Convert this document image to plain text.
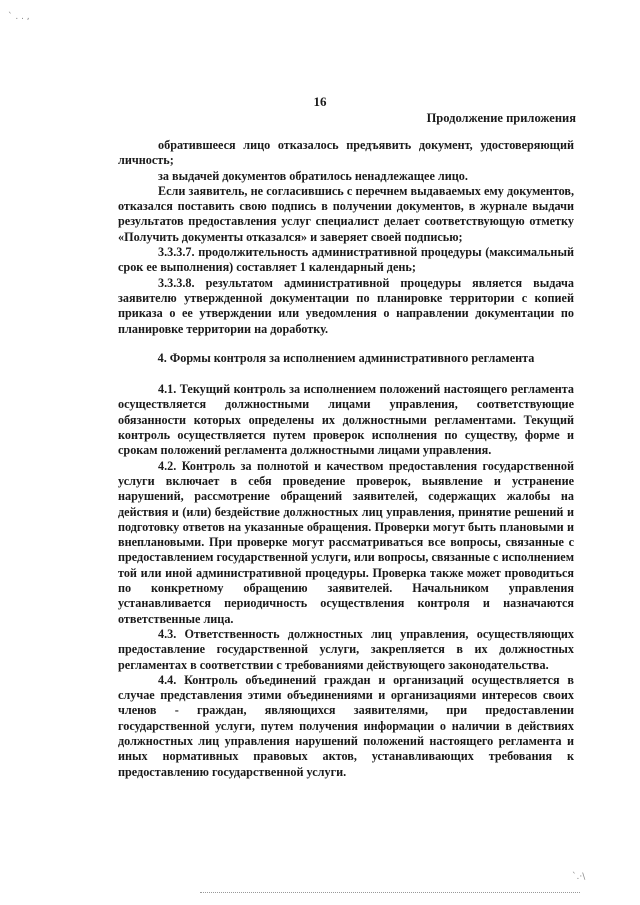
` . . ,
16
Продолжение приложения

обратившееся лицо отказалось предъявить документ, удостоверяющий личность;

за выдачей документов обратилось ненадлежащее лицо.

Если заявитель, не согласившись с перечнем выдаваемых ему документов, отказался поставить свою подпись в получении документов, в журнале выдачи результатов предоставления услуг специалист делает соответствующую отметку «Получить документы отказался» и заверяет своей подписью;

3.3.3.7. продолжительность административной процедуры (максимальный срок ее выполнения) составляет 1 календарный день;

3.3.3.8. результатом административной процедуры является выдача заявителю утвержденной документации по планировке территории с копией приказа о ее утверждении или уведомления о направлении документации по планировке территории на доработку.

4. Формы контроля за исполнением административного регламента

4.1. Текущий контроль за исполнением положений настоящего регламента осуществляется должностными лицами управления, соответствующие обязанности которых определены их должностными регламентами. Текущий контроль осуществляется путем проверок исполнения по существу, форме и срокам положений регламента должностными лицами управления.

4.2. Контроль за полнотой и качеством предоставления государственной услуги включает в себя проведение проверок, выявление и устранение нарушений, рассмотрение обращений заявителей, содержащих жалобы на действия и (или) бездействие должностных лиц управления, принятие решений и подготовку ответов на указанные обращения. Проверки могут быть плановыми и внеплановыми. При проверке могут рассматриваться все вопросы, связанные с предоставлением государственной услуги, или вопросы, связанные с исполнением той или иной административной процедуры. Проверка также может проводиться по конкретному обращению заявителей. Начальником управления устанавливается периодичность осуществления контроля и назначаются ответственные лица.

4.3. Ответственность должностных лиц управления, осуществляющих предоставление государственной услуги, закрепляется в их должностных регламентах в соответствии с требованиями действующего законодательства.

4.4. Контроль объединений граждан и организаций осуществляется в случае представления этими объединениями и организациями интересов своих членов - граждан, являющихся заявителями, при предоставлении государственной услуги, путем получения информации о наличии в действиях должностных лиц управления нарушений положений настоящего регламента и иных нормативных правовых актов, устанавливающих требования к предоставлению государственной услуги.

`.·\
